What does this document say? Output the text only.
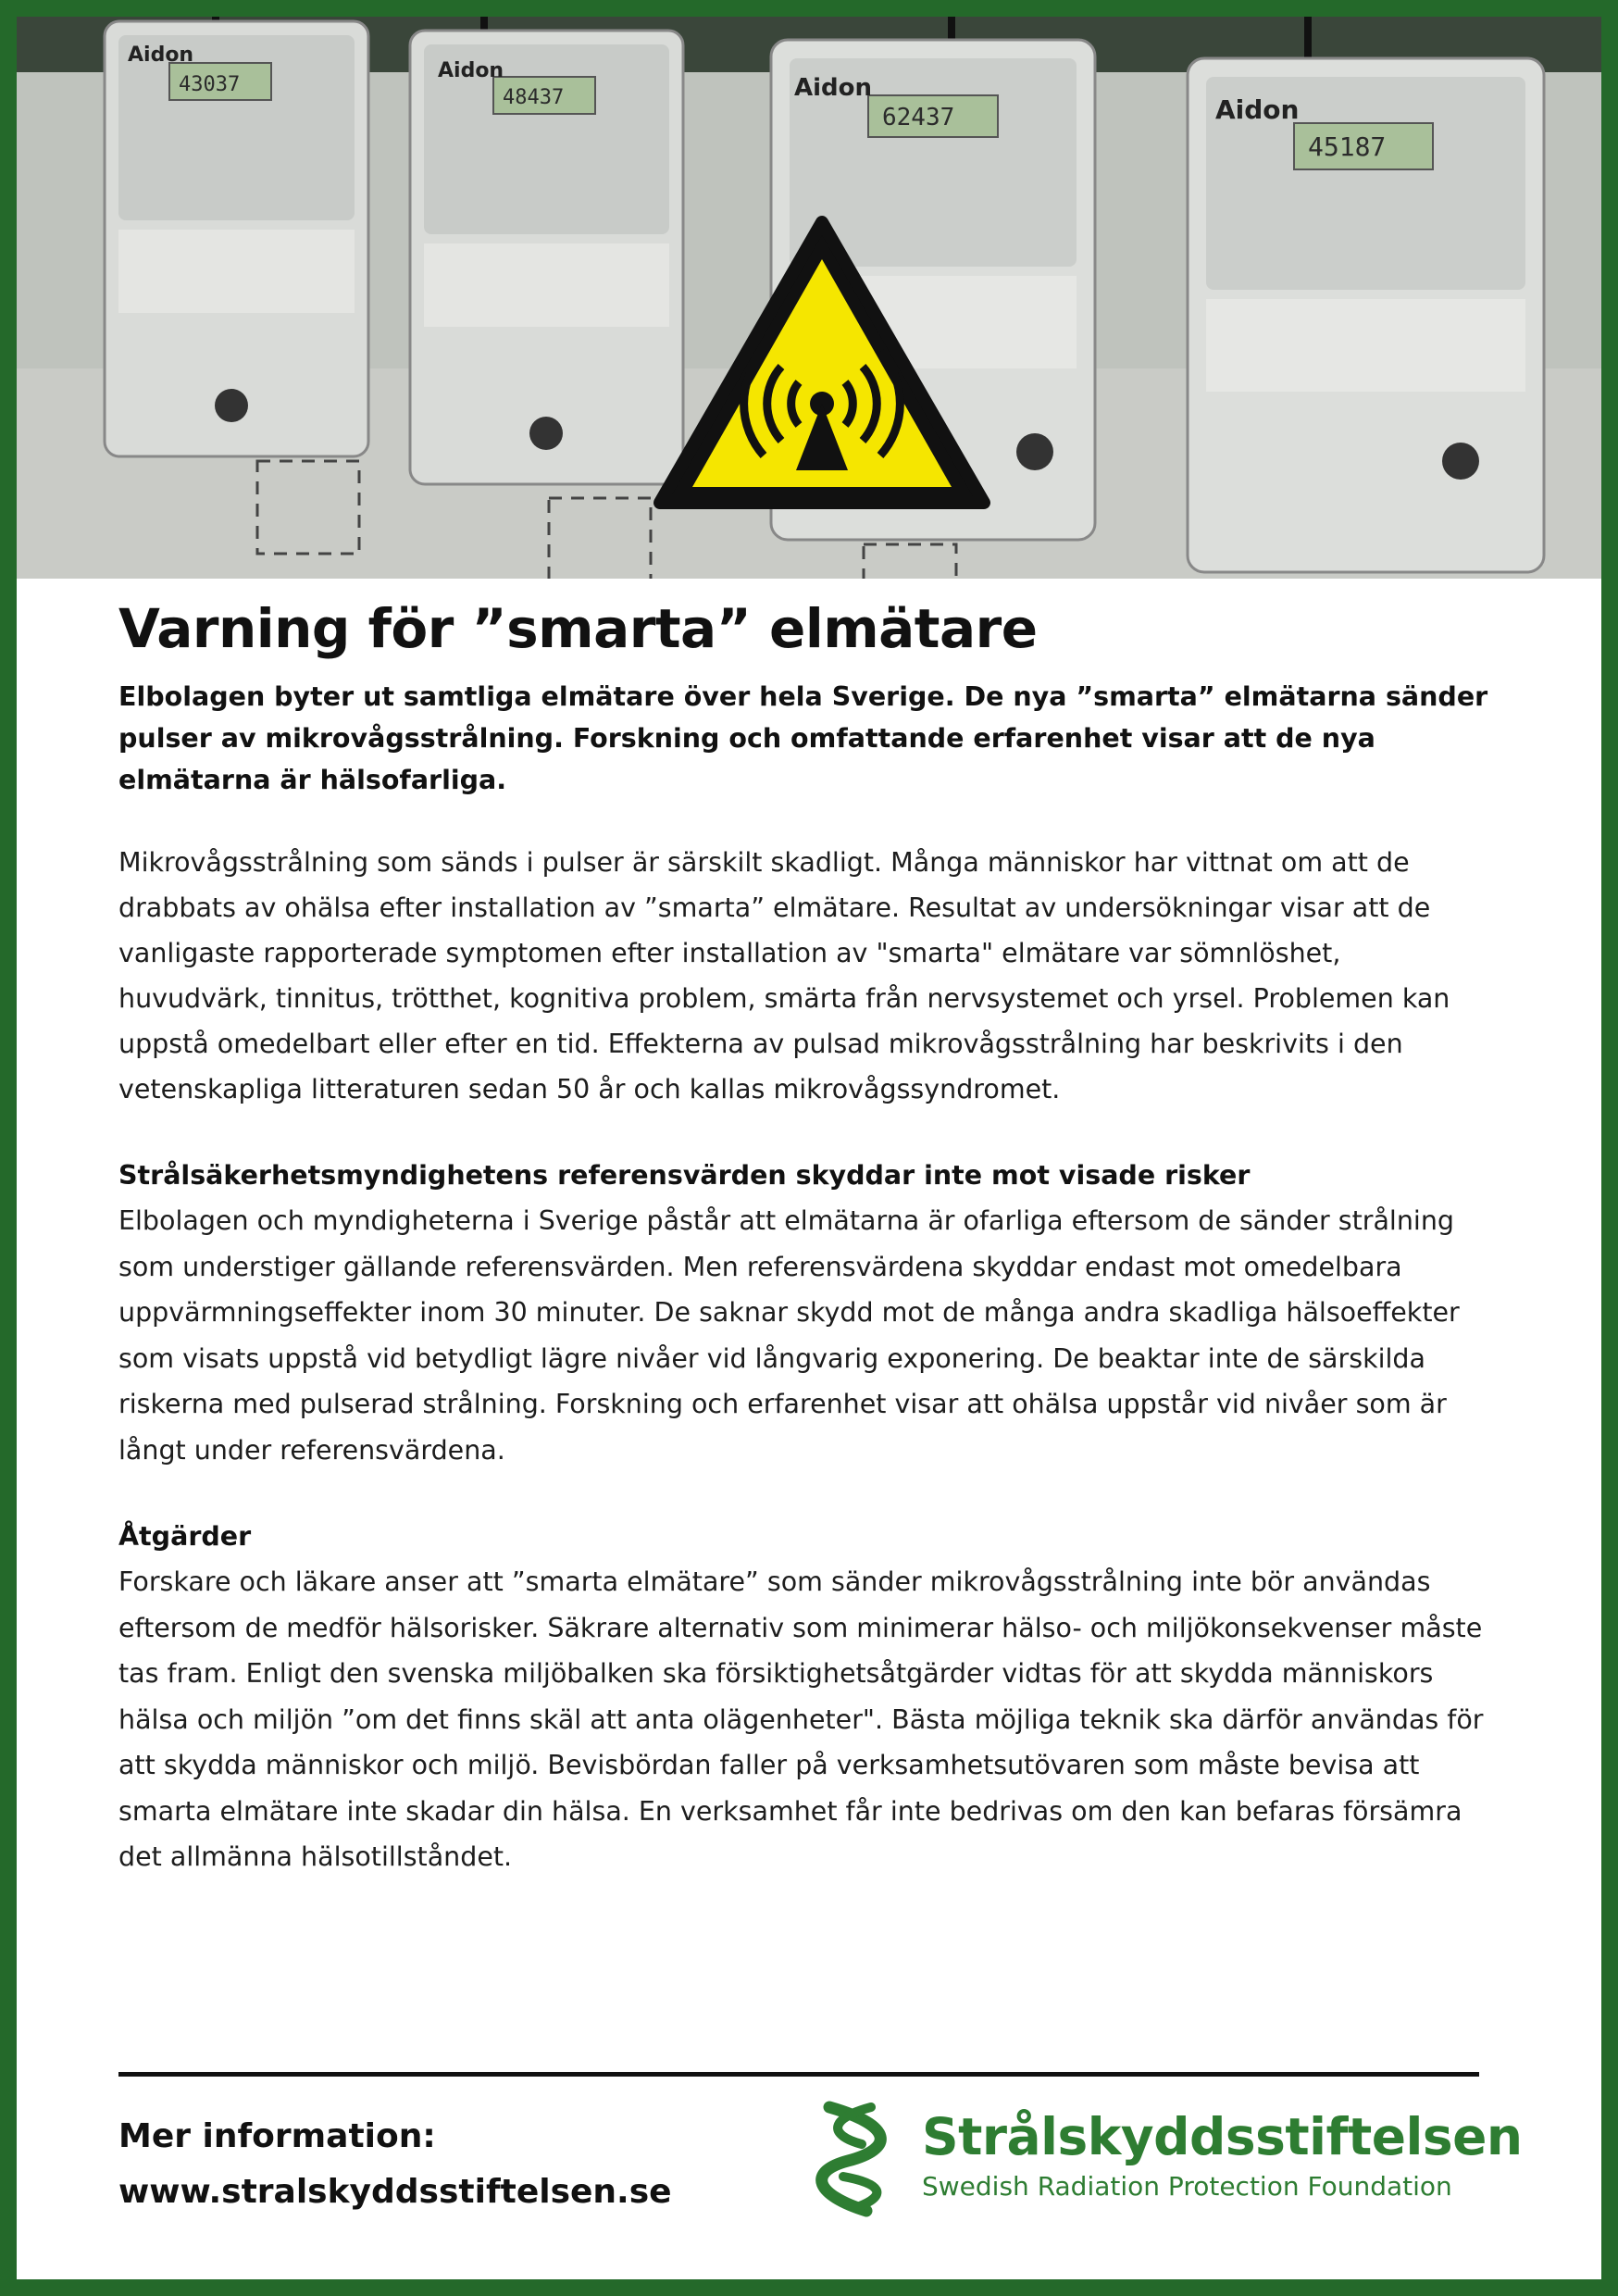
Aidon
Aidon
Aidon
Aidon
43037
48437
62437
45187
Varning för ”smarta” elmätare

Elbolagen byter ut samtliga elmätare över hela Sverige. De nya ”smarta” elmätarna sänder pulser av mikrovågsstrålning. Forskning och omfattande erfarenhet visar att de nya elmätarna är hälsofarliga.

Mikrovågsstrålning som sänds i pulser är särskilt skadligt. Många människor har vittnat om att de drabbats av ohälsa efter installation av ”smarta” elmätare. Resultat av undersökningar visar att de vanligaste rapporterade symptomen efter installation av "smarta" elmätare var sömnlöshet, huvudvärk, tinnitus, trötthet, kognitiva problem, smärta från nervsystemet och yrsel. Problemen kan uppstå omedelbart eller efter en tid. Effekterna av pulsad mikrovågsstrålning har beskrivits i den vetenskapliga litteraturen sedan 50 år och kallas mikrovågssyndromet.

Strålsäkerhetsmyndighetens referensvärden skyddar inte mot visade risker

Elbolagen och myndigheterna i Sverige påstår att elmätarna är ofarliga eftersom de sänder strålning som understiger gällande referensvärden. Men referensvärdena skyddar endast mot omedelbara uppvärmningseffekter inom 30 minuter. De saknar skydd mot de många andra skadliga hälsoeffekter som visats uppstå vid betydligt lägre nivåer vid långvarig exponering. De beaktar inte de särskilda riskerna med pulserad strålning. Forskning och erfarenhet visar att ohälsa uppstår vid nivåer som är långt under referensvärdena.

Åtgärder

Forskare och läkare anser att ”smarta elmätare” som sänder mikrovågsstrålning inte bör användas eftersom de medför hälsorisker. Säkrare alternativ som minimerar hälso- och miljökonsekvenser måste tas fram. Enligt den svenska miljöbalken ska försiktighetsåtgärder vidtas för att skydda människors hälsa och miljön ”om det finns skäl att anta olägenheter". Bästa möjliga teknik ska därför användas för att skydda människor och miljö. Bevisbördan faller på verksamhetsutövaren som måste bevisa att smarta elmätare inte skadar din hälsa. En verksamhet får inte bedrivas om den kan befaras försämra det allmänna hälsotillståndet.

Mer information:
www.stralskyddsstiftelsen.se
Strålskyddsstiftelsen
Swedish Radiation Protection Foundation
